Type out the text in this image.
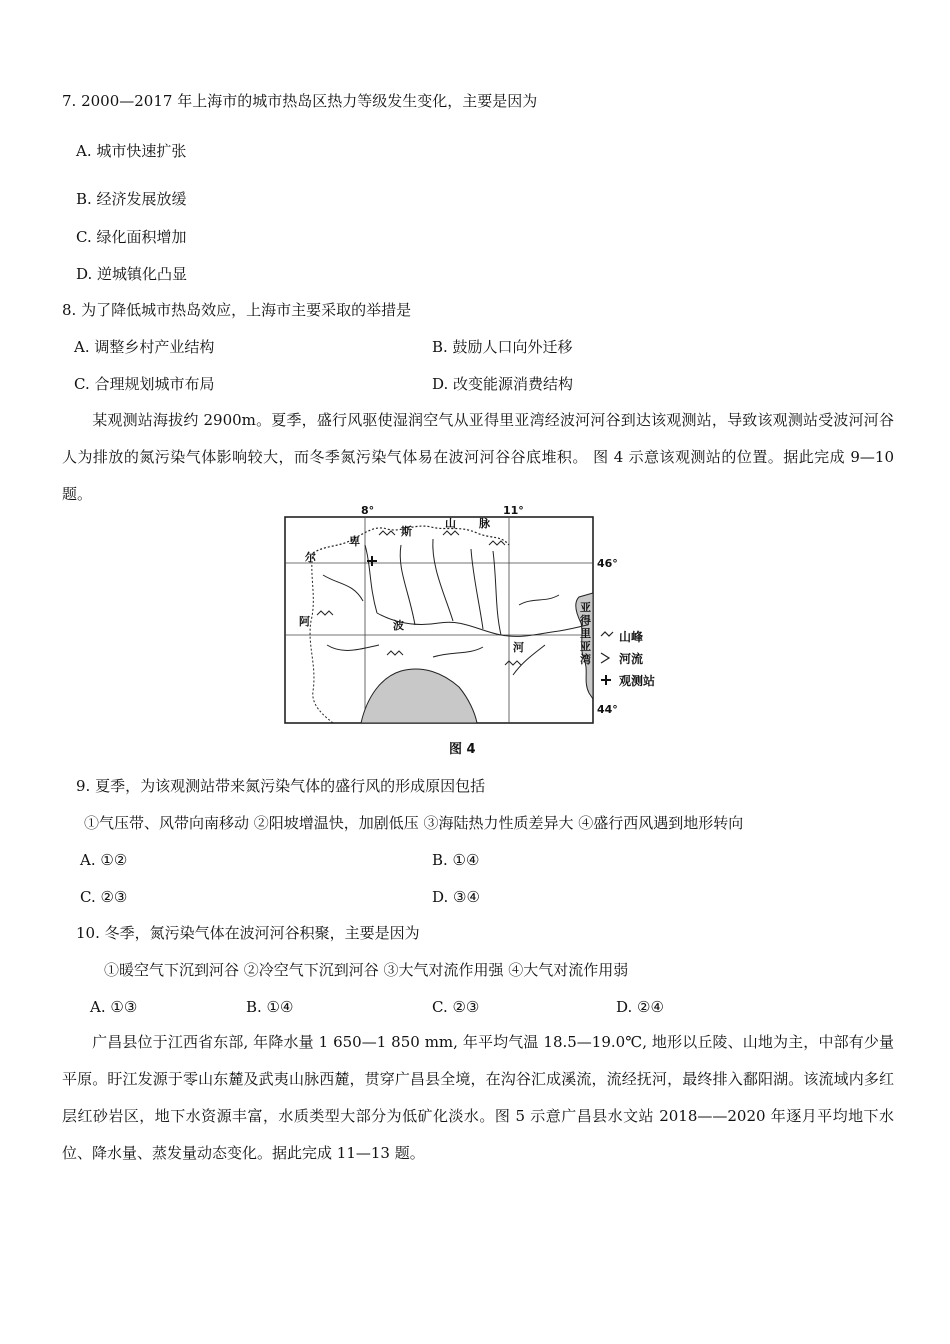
7. 2000—2017 年上海市的城市热岛区热力等级发生变化，主要是因为
A. 城市快速扩张
B. 经济发展放缓
C. 绿化面积增加
D. 逆城镇化凸显
8. 为了降低城市热岛效应，上海市主要采取的举措是
A. 调整乡村产业结构	B. 鼓励人口向外迁移
C. 合理规划城市布局	D. 改变能源消费结构
某观测站海拔约 2900m。夏季，盛行风驱使湿润空气从亚得里亚湾经波河河谷到达该观测站，导致该观测站受波河河谷人为排放的氮污染气体影响较大，而冬季氮污染气体易在波河河谷谷底堆积。 图 4 示意该观测站的位置。据此完成 9—10 题。
8°	11°
46°
44°
阿
尔
卑
斯
山 脉
波
河
亚
得
里
亚
湾
山峰
河流
观测站
图 4
9. 夏季，为该观测站带来氮污染气体的盛行风的形成原因包括
①气压带、风带向南移动 ②阳坡增温快，加剧低压 ③海陆热力性质差异大 ④盛行西风遇到地形转向
A. ①②	B. ①④
C. ②③	D. ③④
10. 冬季，氮污染气体在波河河谷积聚，主要是因为
①暖空气下沉到河谷 ②冷空气下沉到河谷 ③大气对流作用强 ④大气对流作用弱
A. ①③	B. ①④	C. ②③	D. ②④
广昌县位于江西省东部, 年降水量 1 650—1 850 mm, 年平均气温 18.5—19.0℃, 地形以丘陵、山地为主，中部有少量平原。盱江发源于零山东麓及武夷山脉西麓，贯穿广昌县全境，在沟谷汇成溪流，流经抚河，最终排入鄱阳湖。该流域内多红层红砂岩区，地下水资源丰富，水质类型大部分为低矿化淡水。图 5 示意广昌县水文站 2018——2020 年逐月平均地下水位、降水量、蒸发量动态变化。据此完成 11—13 题。
